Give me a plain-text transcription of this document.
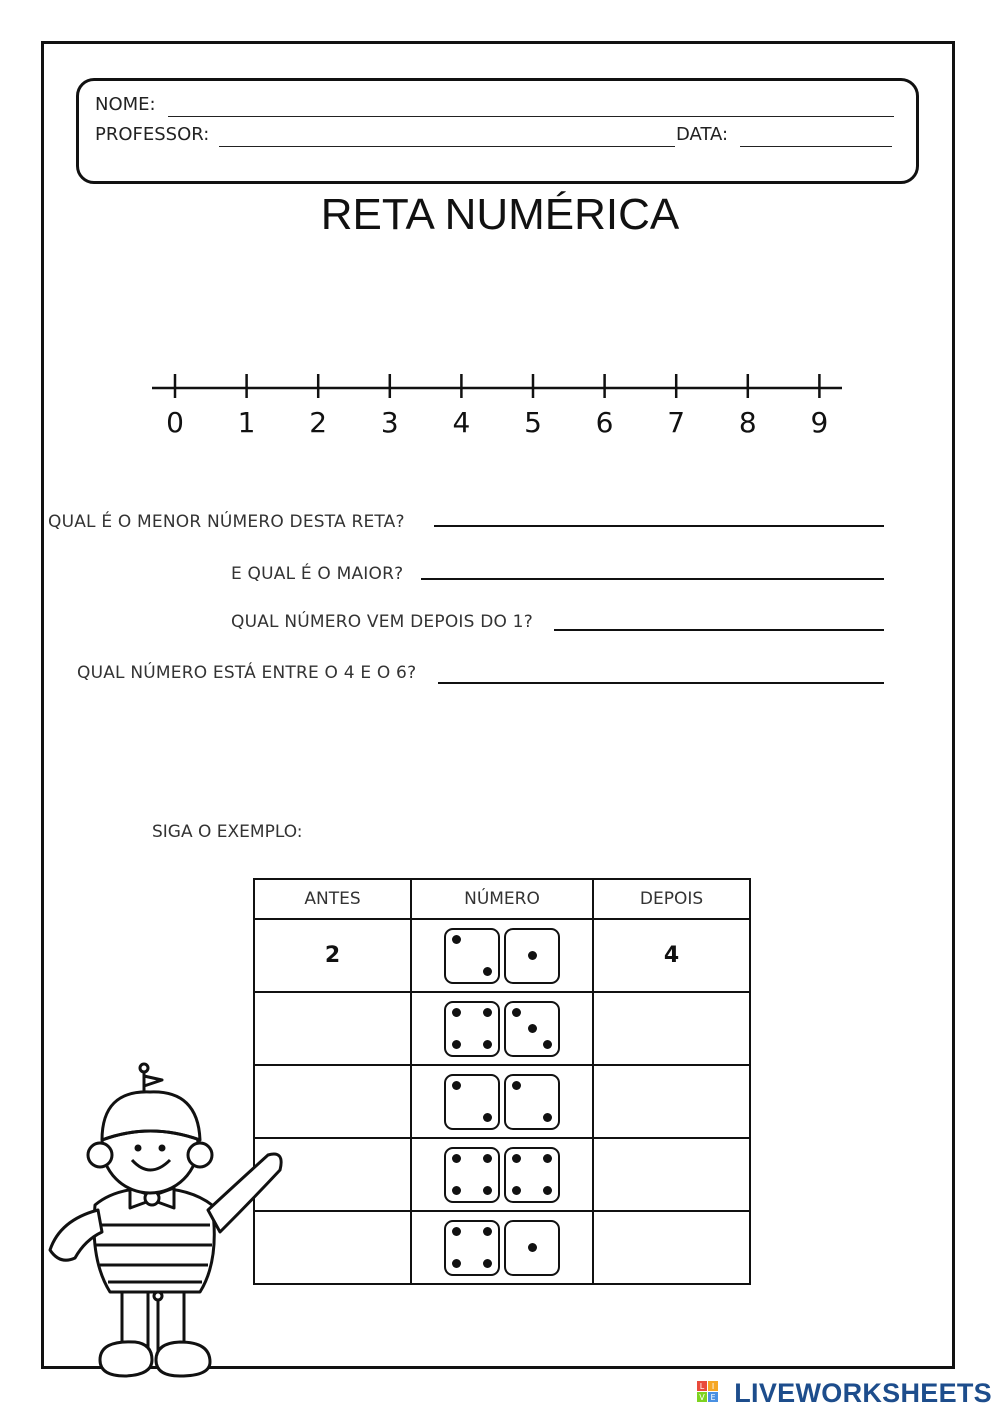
NOME:
PROFESSOR:	DATA:
RETA NUMÉRICA
0 1 2 3 4 5 6 7 8 9
QUAL É O MENOR NÚMERO DESTA RETA?
E QUAL É O MAIOR?
QUAL NÚMERO VEM DEPOIS DO 1?
QUAL NÚMERO ESTÁ ENTRE O 4 E O 6?
SIGA O EXEMPLO:
ANTES	NÚMERO	DEPOIS
2		4

L I
V E LIVEWORKSHEETS
